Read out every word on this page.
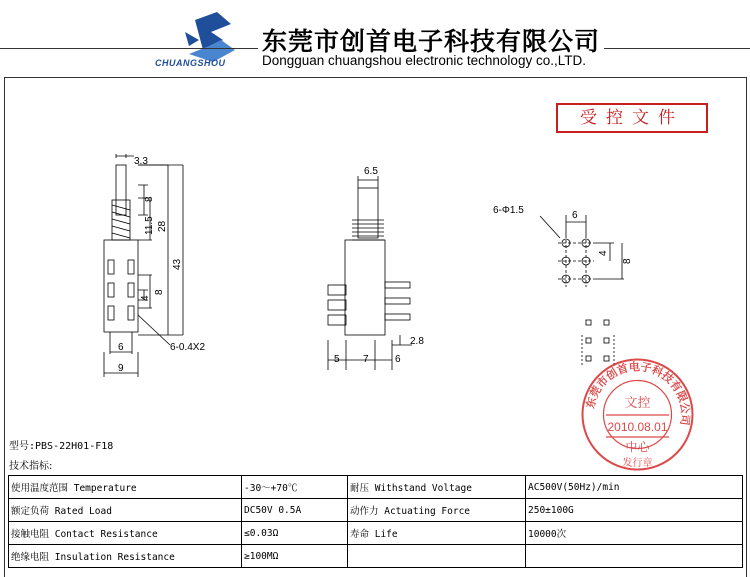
CHUANGSHOU
东莞市创首电子科技有限公司
Dongguan chuangshou electronic technology co.,LTD.
受控文件
3.3
8
11.5 28
43
4
8
6
9
6-0.4X2
6.5
5 7	6
2.8
6-Φ1.5	6
4
8
型号:PBS-22H01-F18
技术指标:
使用温度范围 Temperature	-30～+70℃	耐压 Withstand Voltage	AC500V(50Hz)/min
额定负荷 Rated Load	DC50V 0.5A	动作力 Actuating Force	250±100G
接触电阻 Contact Resistance	≤0.03Ω	寿命 Life	10000次
绝缘电阻 Insulation Resistance	≥100MΩ		
东莞市创首电子科技有限公司
文控
2010.08.01
中心
发行章
